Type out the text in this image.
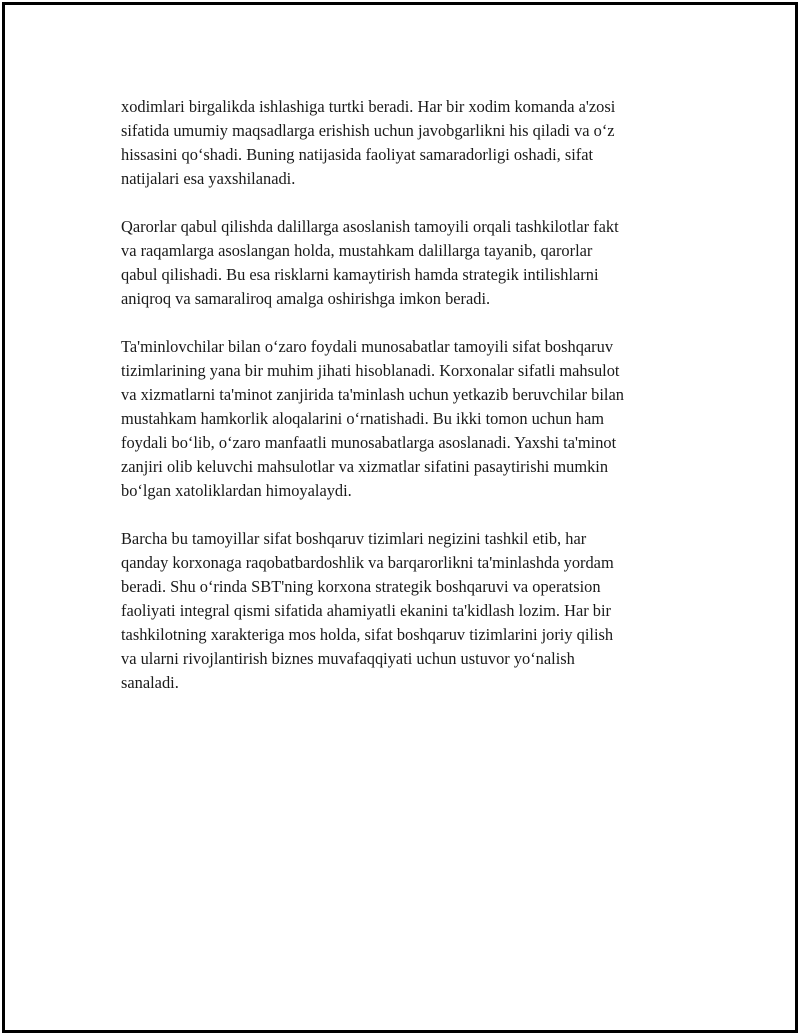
xodimlari birgalikda ishlashiga turtki beradi. Har bir xodim komanda a'zosi
sifatida umumiy maqsadlarga erishish uchun javobgarlikni his qiladi va o‘z
hissasini qo‘shadi. Buning natijasida faoliyat samaradorligi oshadi, sifat
natijalari esa yaxshilanadi.

Qarorlar qabul qilishda dalillarga asoslanish tamoyili orqali tashkilotlar fakt
va raqamlarga asoslangan holda, mustahkam dalillarga tayanib, qarorlar
qabul qilishadi. Bu esa risklarni kamaytirish hamda strategik intilishlarni
aniqroq va samaraliroq amalga oshirishga imkon beradi.

Ta'minlovchilar bilan o‘zaro foydali munosabatlar tamoyili sifat boshqaruv
tizimlarining yana bir muhim jihati hisoblanadi. Korxonalar sifatli mahsulot
va xizmatlarni ta'minot zanjirida ta'minlash uchun yetkazib beruvchilar bilan
mustahkam hamkorlik aloqalarini o‘rnatishadi. Bu ikki tomon uchun ham
foydali bo‘lib, o‘zaro manfaatli munosabatlarga asoslanadi. Yaxshi ta'minot
zanjiri olib keluvchi mahsulotlar va xizmatlar sifatini pasaytirishi mumkin
bo‘lgan xatoliklardan himoyalaydi.

Barcha bu tamoyillar sifat boshqaruv tizimlari negizini tashkil etib, har
qanday korxonaga raqobatbardoshlik va barqarorlikni ta'minlashda yordam
beradi. Shu o‘rinda SBT'ning korxona strategik boshqaruvi va operatsion
faoliyati integral qismi sifatida ahamiyatli ekanini ta'kidlash lozim. Har bir
tashkilotning xarakteriga mos holda, sifat boshqaruv tizimlarini joriy qilish
va ularni rivojlantirish biznes muvafaqqiyati uchun ustuvor yo‘nalish
sanaladi.
